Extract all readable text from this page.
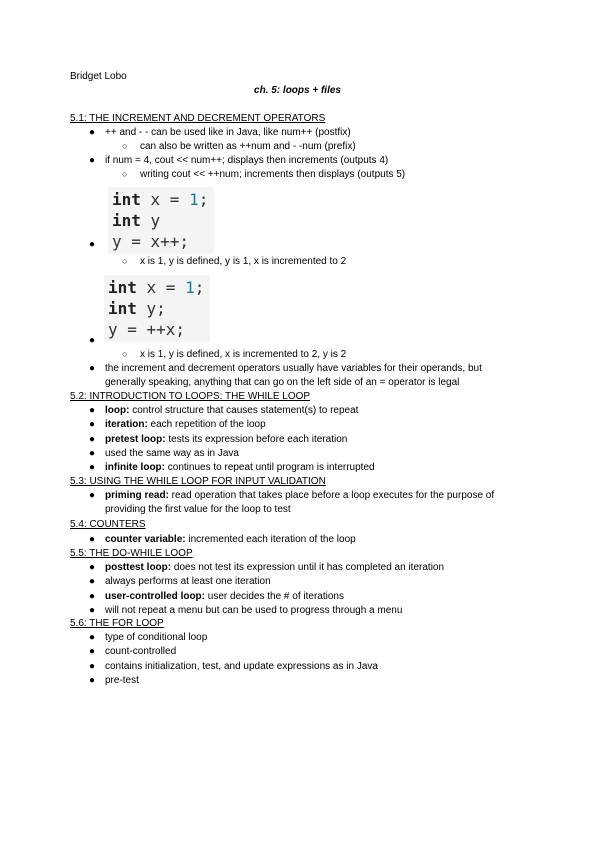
Bridget Lobo
ch. 5: loops + files
5.1: THE INCREMENT AND DECREMENT OPERATORS
● ++ and - - can be used like in Java, like num++ (postfix)
○ can also be written as ++num and - -num (prefix)
● if num = 4, cout << num++; displays then increments (outputs 4)
○ writing cout << ++num; increments then displays (outputs 5)
int x = 1;
int y
y = x++;
●
○ x is 1, y is defined, y is 1, x is incremented to 2
int x = 1;
int y;
y = ++x;
●
○ x is 1, y is defined, x is incremented to 2, y is 2
● the increment and decrement operators usually have variables for their operands, but
generally speaking, anything that can go on the left side of an = operator is legal
5.2: INTRODUCTION TO LOOPS: THE WHILE LOOP
● loop: control structure that causes statement(s) to repeat
● iteration: each repetition of the loop
● pretest loop: tests its expression before each iteration
● used the same way as in Java
● infinite loop: continues to repeat until program is interrupted
5.3: USING THE WHILE LOOP FOR INPUT VALIDATION
● priming read: read operation that takes place before a loop executes for the purpose of
providing the first value for the loop to test
5.4: COUNTERS
● counter variable: incremented each iteration of the loop
5.5: THE DO-WHILE LOOP
● posttest loop: does not test its expression until it has completed an iteration
● always performs at least one iteration
● user-controlled loop: user decides the # of iterations
● will not repeat a menu but can be used to progress through a menu
5.6: THE FOR LOOP
● type of conditional loop
● count-controlled
● contains initialization, test, and update expressions as in Java
● pre-test
